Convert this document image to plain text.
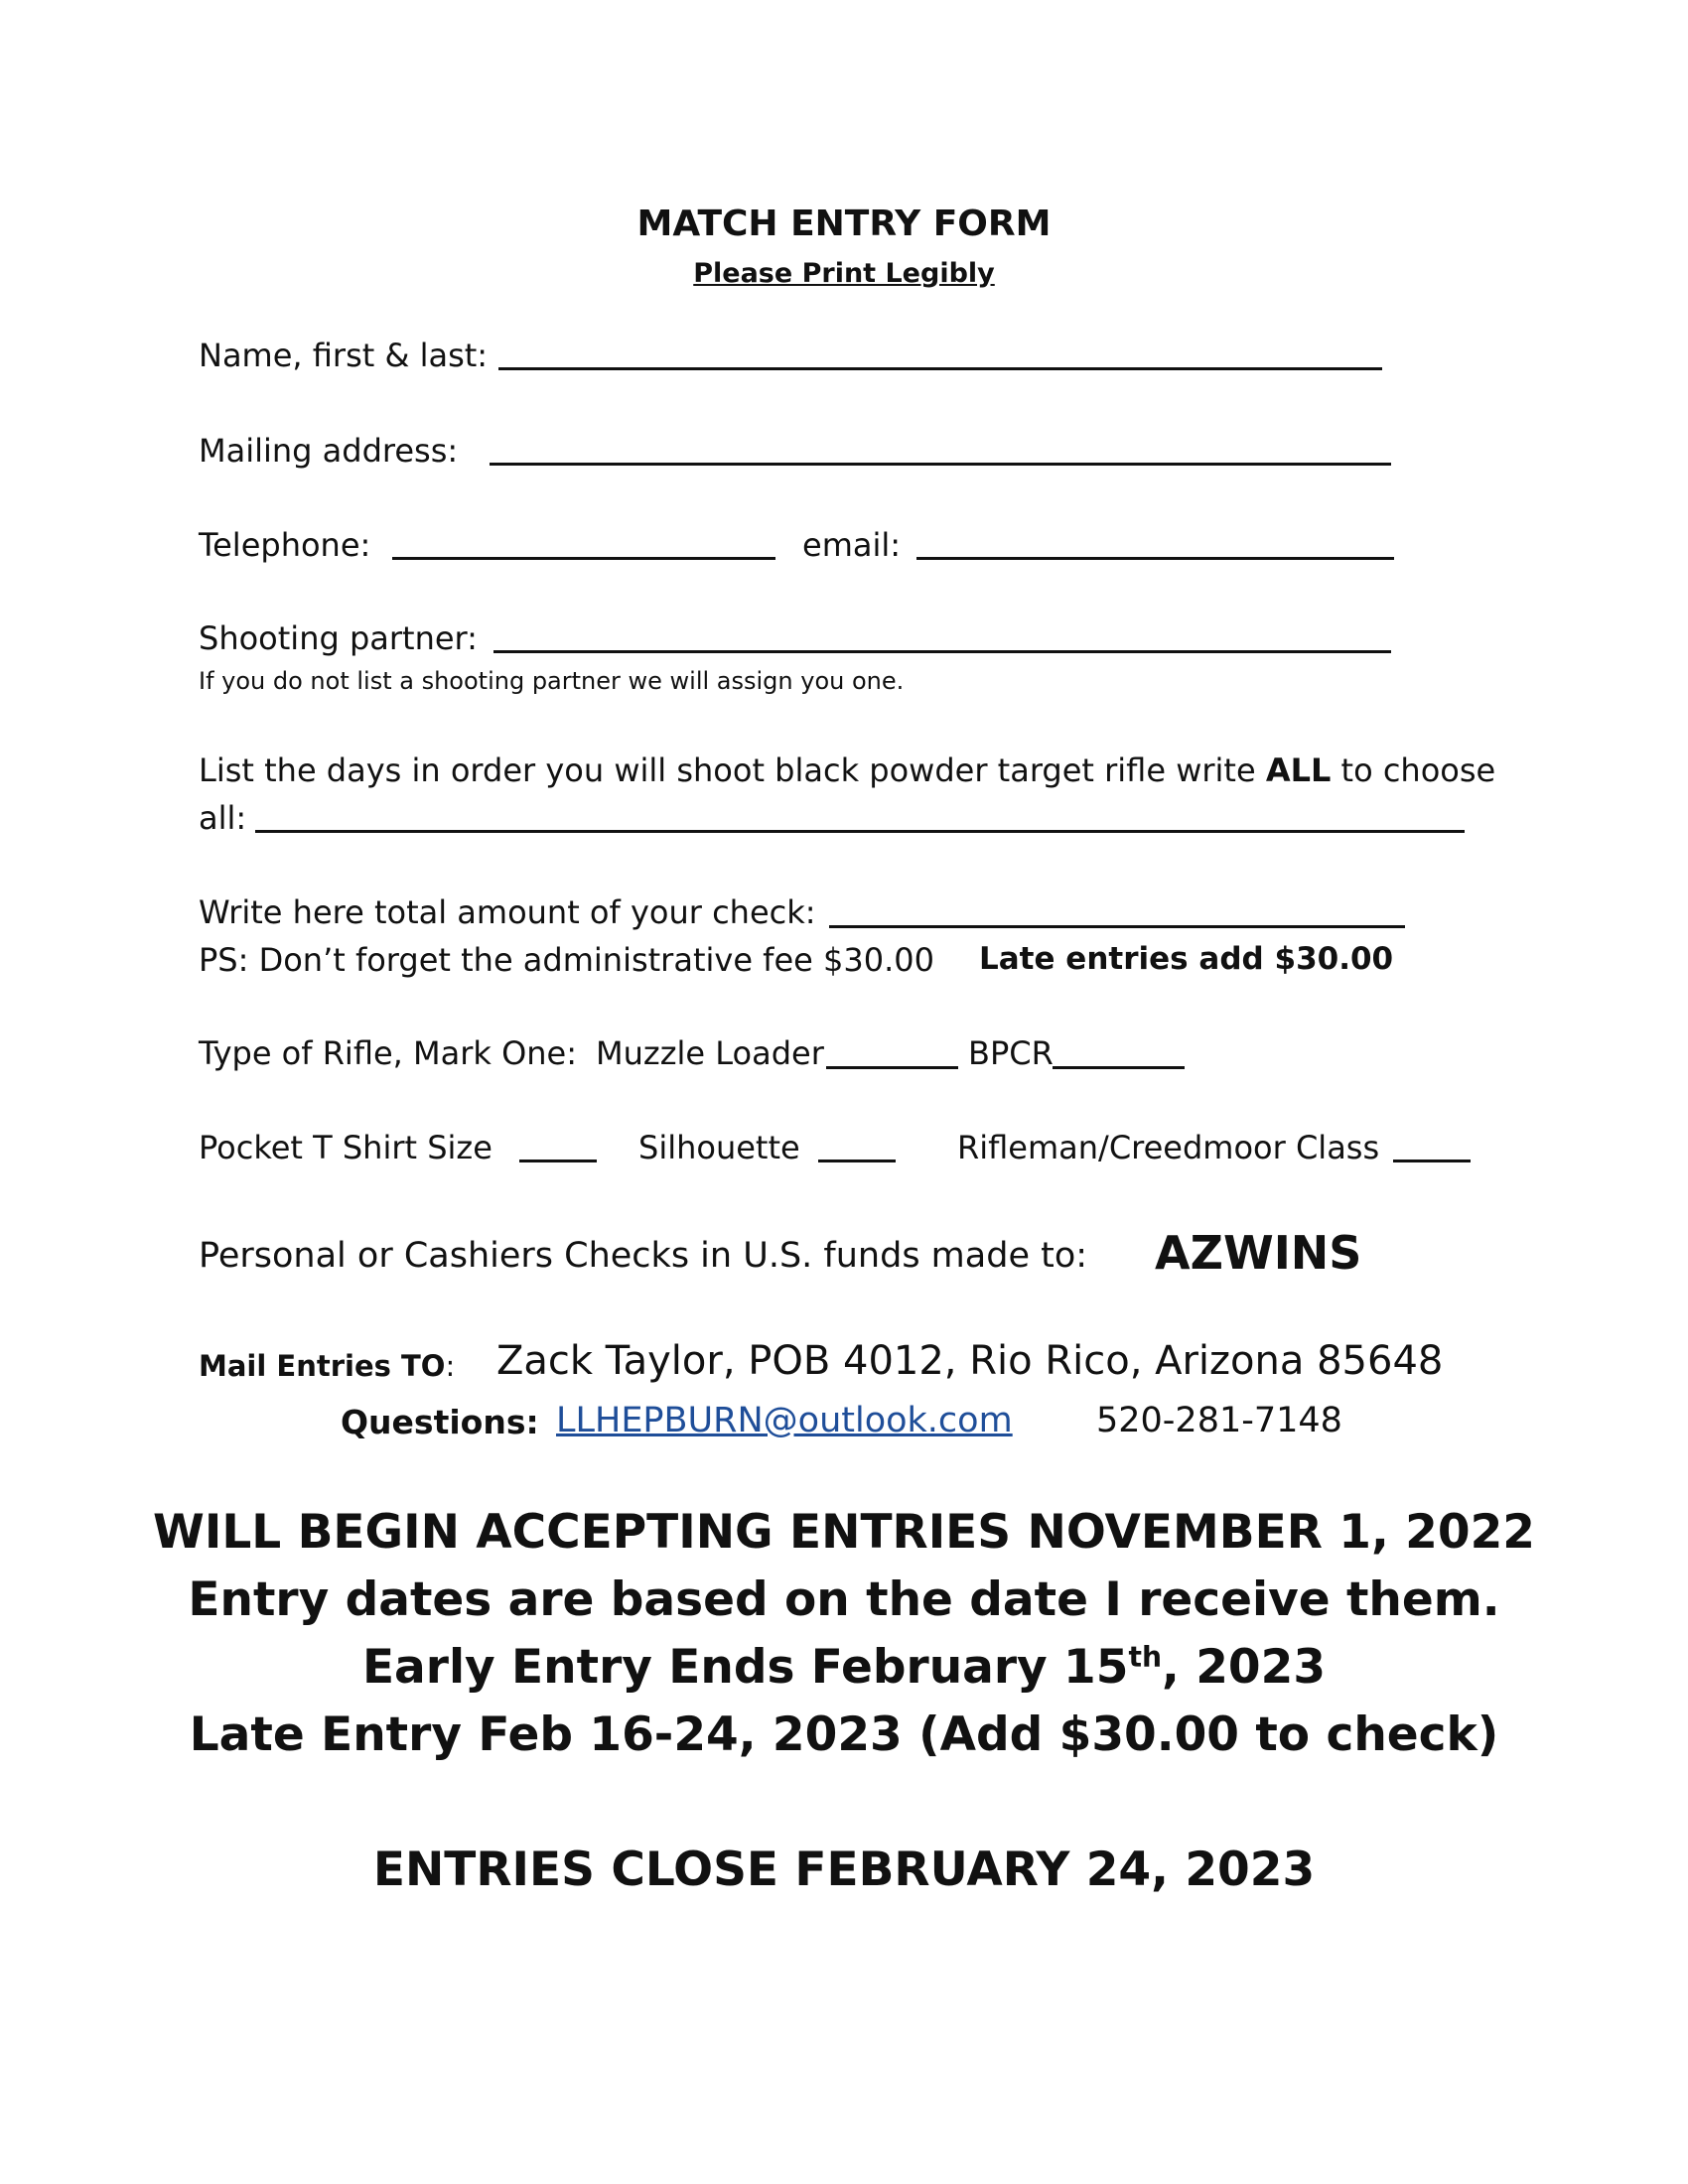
MATCH ENTRY FORM
Please Print Legibly
Name, first & last:
Mailing address:
Telephone:	email:
Shooting partner:
If you do not list a shooting partner we will assign you one.
List the days in order you will shoot black powder target rifle write ALL to choose
all:
Write here total amount of your check:
PS: Don’t forget the administrative fee $30.00 Late entries add $30.00
Type of Rifle, Mark One: Muzzle Loader	BPCR
Pocket T Shirt Size	Silhouette	Rifleman/Creedmoor Class
Personal or Cashiers Checks in U.S. funds made to: AZWINS
Mail Entries TO: Zack Taylor, POB 4012, Rio Rico, Arizona 85648
Questions: LLHEPBURN@outlook.com 520-281-7148
WILL BEGIN ACCEPTING ENTRIES NOVEMBER 1, 2022
Entry dates are based on the date I receive them.
Early Entry Ends February 15th, 2023
Late Entry Feb 16-24, 2023 (Add $30.00 to check)
ENTRIES CLOSE FEBRUARY 24, 2023
